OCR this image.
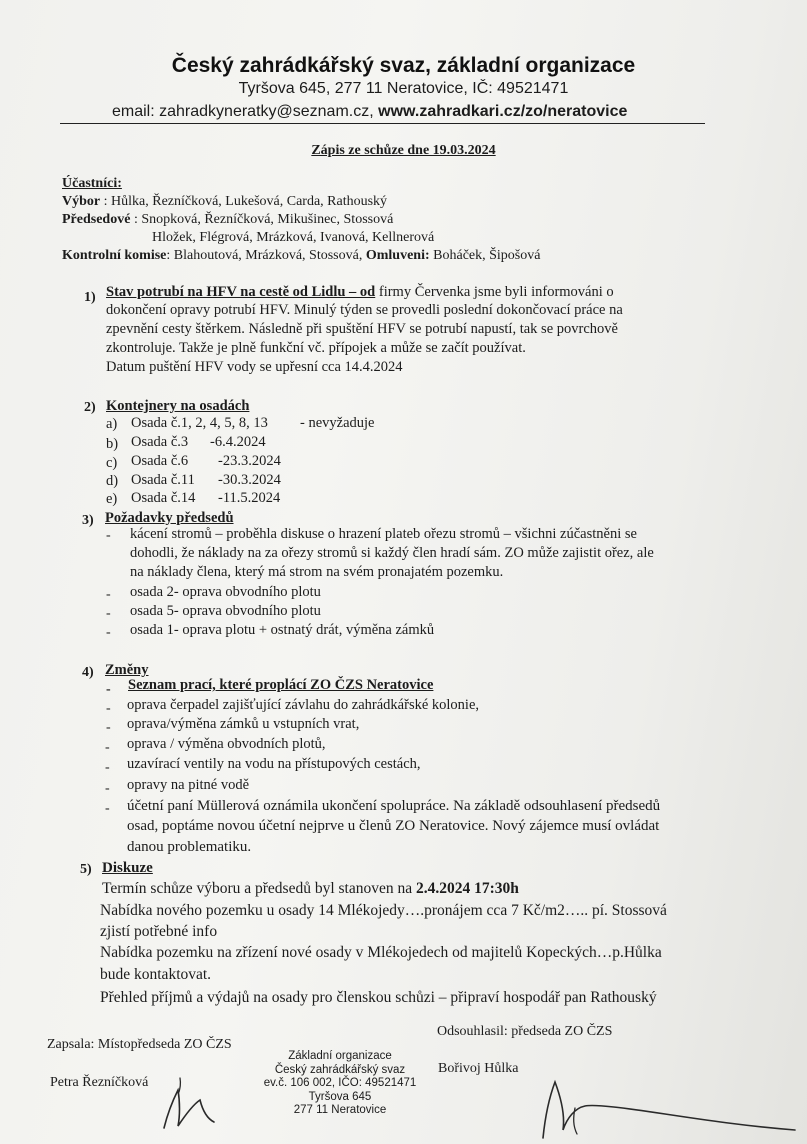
Český zahrádkářský svaz, základní organizace
Tyršova 645, 277 11 Neratovice, IČ: 49521471
email: zahradkyneratky@seznam.cz, www.zahradkari.cz/zo/neratovice
Zápis ze schůze dne 19.03.2024
Účastníci:
Výbor : Hůlka, Řezníčková, Lukešová, Carda, Rathouský
Předsedové : Snopková, Řezníčková, Mikušinec, Stossová
Hložek, Flégrová, Mrázková, Ivanová, Kellnerová
Kontrolní komise: Blahoutová, Mrázková, Stossová, Omluveni: Boháček, Šipošová
1) Stav potrubí na HFV na cestě od Lidlu – od firmy Červenka jsme byli informováni o
dokončení opravy potrubí HFV. Minulý týden se provedli poslední dokončovací práce na
zpevnění cesty štěrkem. Následně při spuštění HFV se potrubí napustí, tak se povrchově
zkontroluje. Takže je plně funkční vč. přípojek a může se začít používat.
Datum puštění HFV vody se upřesní cca 14.4.2024
2) Kontejnery na osadách
a) Osada č.1, 2, 4, 5, 8, 13 - nevyžaduje
b) Osada č.3 -6.4.2024
c) Osada č.6 -23.3.2024
d) Osada č.11 -30.3.2024
e) Osada č.14 -11.5.2024
3) Požadavky předsedů
- kácení stromů – proběhla diskuse o hrazení plateb ořezu stromů – všichni zúčastněni se
dohodli, že náklady na za ořezy stromů si každý člen hradí sám. ZO může zajistit ořez, ale
na náklady člena, který má strom na svém pronajatém pozemku.
- osada 2- oprava obvodního plotu
- osada 5- oprava obvodního plotu
- osada 1- oprava plotu + ostnatý drát, výměna zámků
4) Změny
- Seznam prací, které proplácí ZO ČZS Neratovice
- oprava čerpadel zajišťující závlahu do zahrádkářské kolonie,
- oprava/výměna zámků u vstupních vrat,
- oprava / výměna obvodních plotů,
- uzavírací ventily na vodu na přístupových cestách,
- opravy na pitné vodě
- účetní paní Müllerová oznámila ukončení spolupráce. Na základě odsouhlasení předsedů
osad, poptáme novou účetní nejprve u členů ZO Neratovice. Nový zájemce musí ovládat
danou problematiku.
5) Diskuze
Termín schůze výboru a předsedů byl stanoven na 2.4.2024 17:30h
Nabídka nového pozemku u osady 14 Mlékojedy….pronájem cca 7 Kč/m2….. pí. Stossová
zjistí potřebné info
Nabídka pozemku na zřízení nové osady v Mlékojedech od majitelů Kopeckých…p.Hůlka
bude kontaktovat.
Přehled příjmů a výdajů na osady pro členskou schůzi – připraví hospodář pan Rathouský
Zapsala: Místopředseda ZO ČZS
Petra Řezníčková
Odsouhlasil: předseda ZO ČZS
Bořivoj Hůlka
Základní organizace
Český zahrádkářský svaz
ev.č. 106 002, IČO: 49521471
Tyršova 645
277 11 Neratovice
